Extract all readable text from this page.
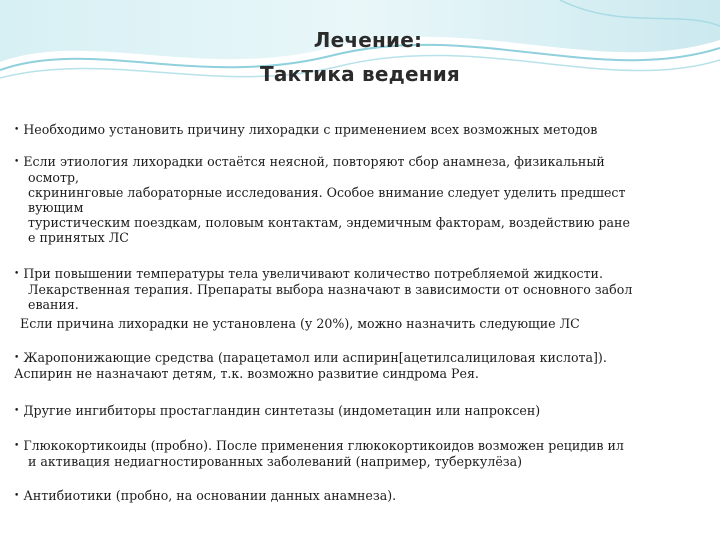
Лечение:
Тактика ведения
• Необходимо установить причину лихорадки с применением всех возможных методов
• Если этиология лихорадки остаётся неясной, повторяют сбор анамнеза, физикальный
осмотр,
скрининговые лабораторные исследования. Особое внимание следует уделить предшест
вующим
туристическим поездкам, половым контактам, эндемичным факторам, воздействию ране
е принятых ЛС
• При повышении температуры тела увеличивают количество потребляемой жидкости.
Лекарственная терапия. Препараты выбора назначают в зависимости от основного забол
евания.
Если причина лихорадки не установлена (у 20%), можно назначить следующие ЛС
• Жаропонижающие средства (парацетамол или аспирин[ацетилсалициловая кислота]).
Аспирин не назначают детям, т.к. возможно развитие синдрома Рея.
• Другие ингибиторы простагландин синтетазы (индометацин или напроксен)
• Глюкокортикоиды (пробно). После применения глюкокортикоидов возможен рецидив ил
и активация недиагностированных заболеваний (например, туберкулёза)
• Антибиотики (пробно, на основании данных анамнеза).
